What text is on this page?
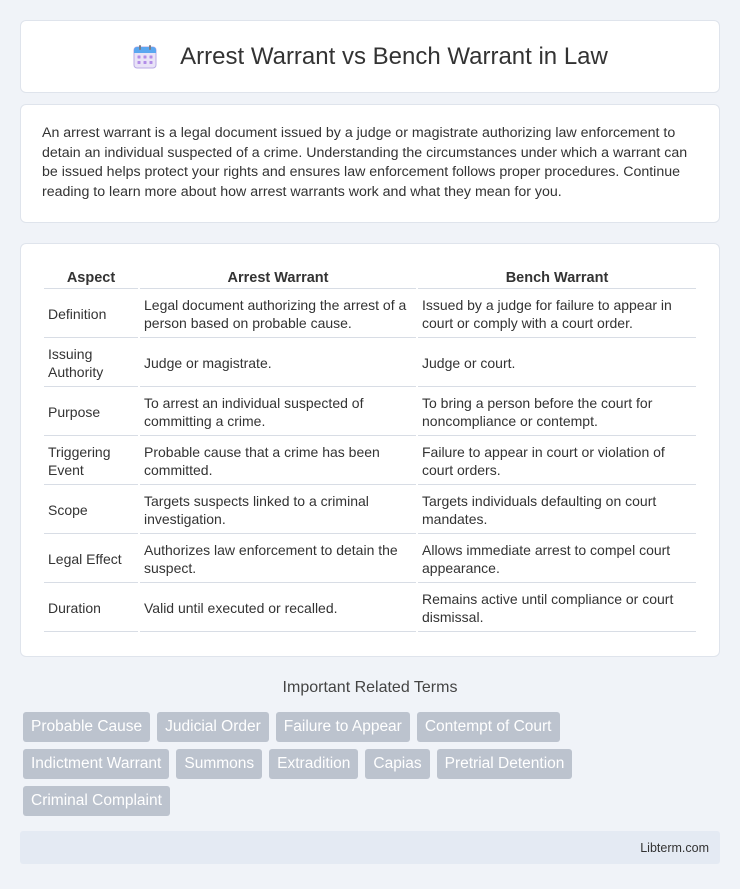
Arrest Warrant vs Bench Warrant in Law

An arrest warrant is a legal document issued by a judge or magistrate authorizing law enforcement to detain an individual suspected of a crime. Understanding the circumstances under which a warrant can be issued helps protect your rights and ensures law enforcement follows proper procedures. Continue reading to learn more about how arrest warrants work and what they mean for you.

Aspect	Arrest Warrant	Bench Warrant
Definition	Legal document authorizing the arrest of a person based on probable cause.	Issued by a judge for failure to appear in court or comply with a court order.
Issuing Authority	Judge or magistrate.	Judge or court.
Purpose	To arrest an individual suspected of committing a crime.	To bring a person before the court for noncompliance or contempt.
Triggering Event	Probable cause that a crime has been committed.	Failure to appear in court or violation of court orders.
Scope	Targets suspects linked to a criminal investigation.	Targets individuals defaulting on court mandates.
Legal Effect	Authorizes law enforcement to detain the suspect.	Allows immediate arrest to compel court appearance.
Duration	Valid until executed or recalled.	Remains active until compliance or court dismissal.
Important Related Terms
Probable Cause	Judicial Order	Failure to Appear	Contempt of Court
Indictment Warrant	Summons	Extradition	Capias	Pretrial Detention
Criminal Complaint
Libterm.com
